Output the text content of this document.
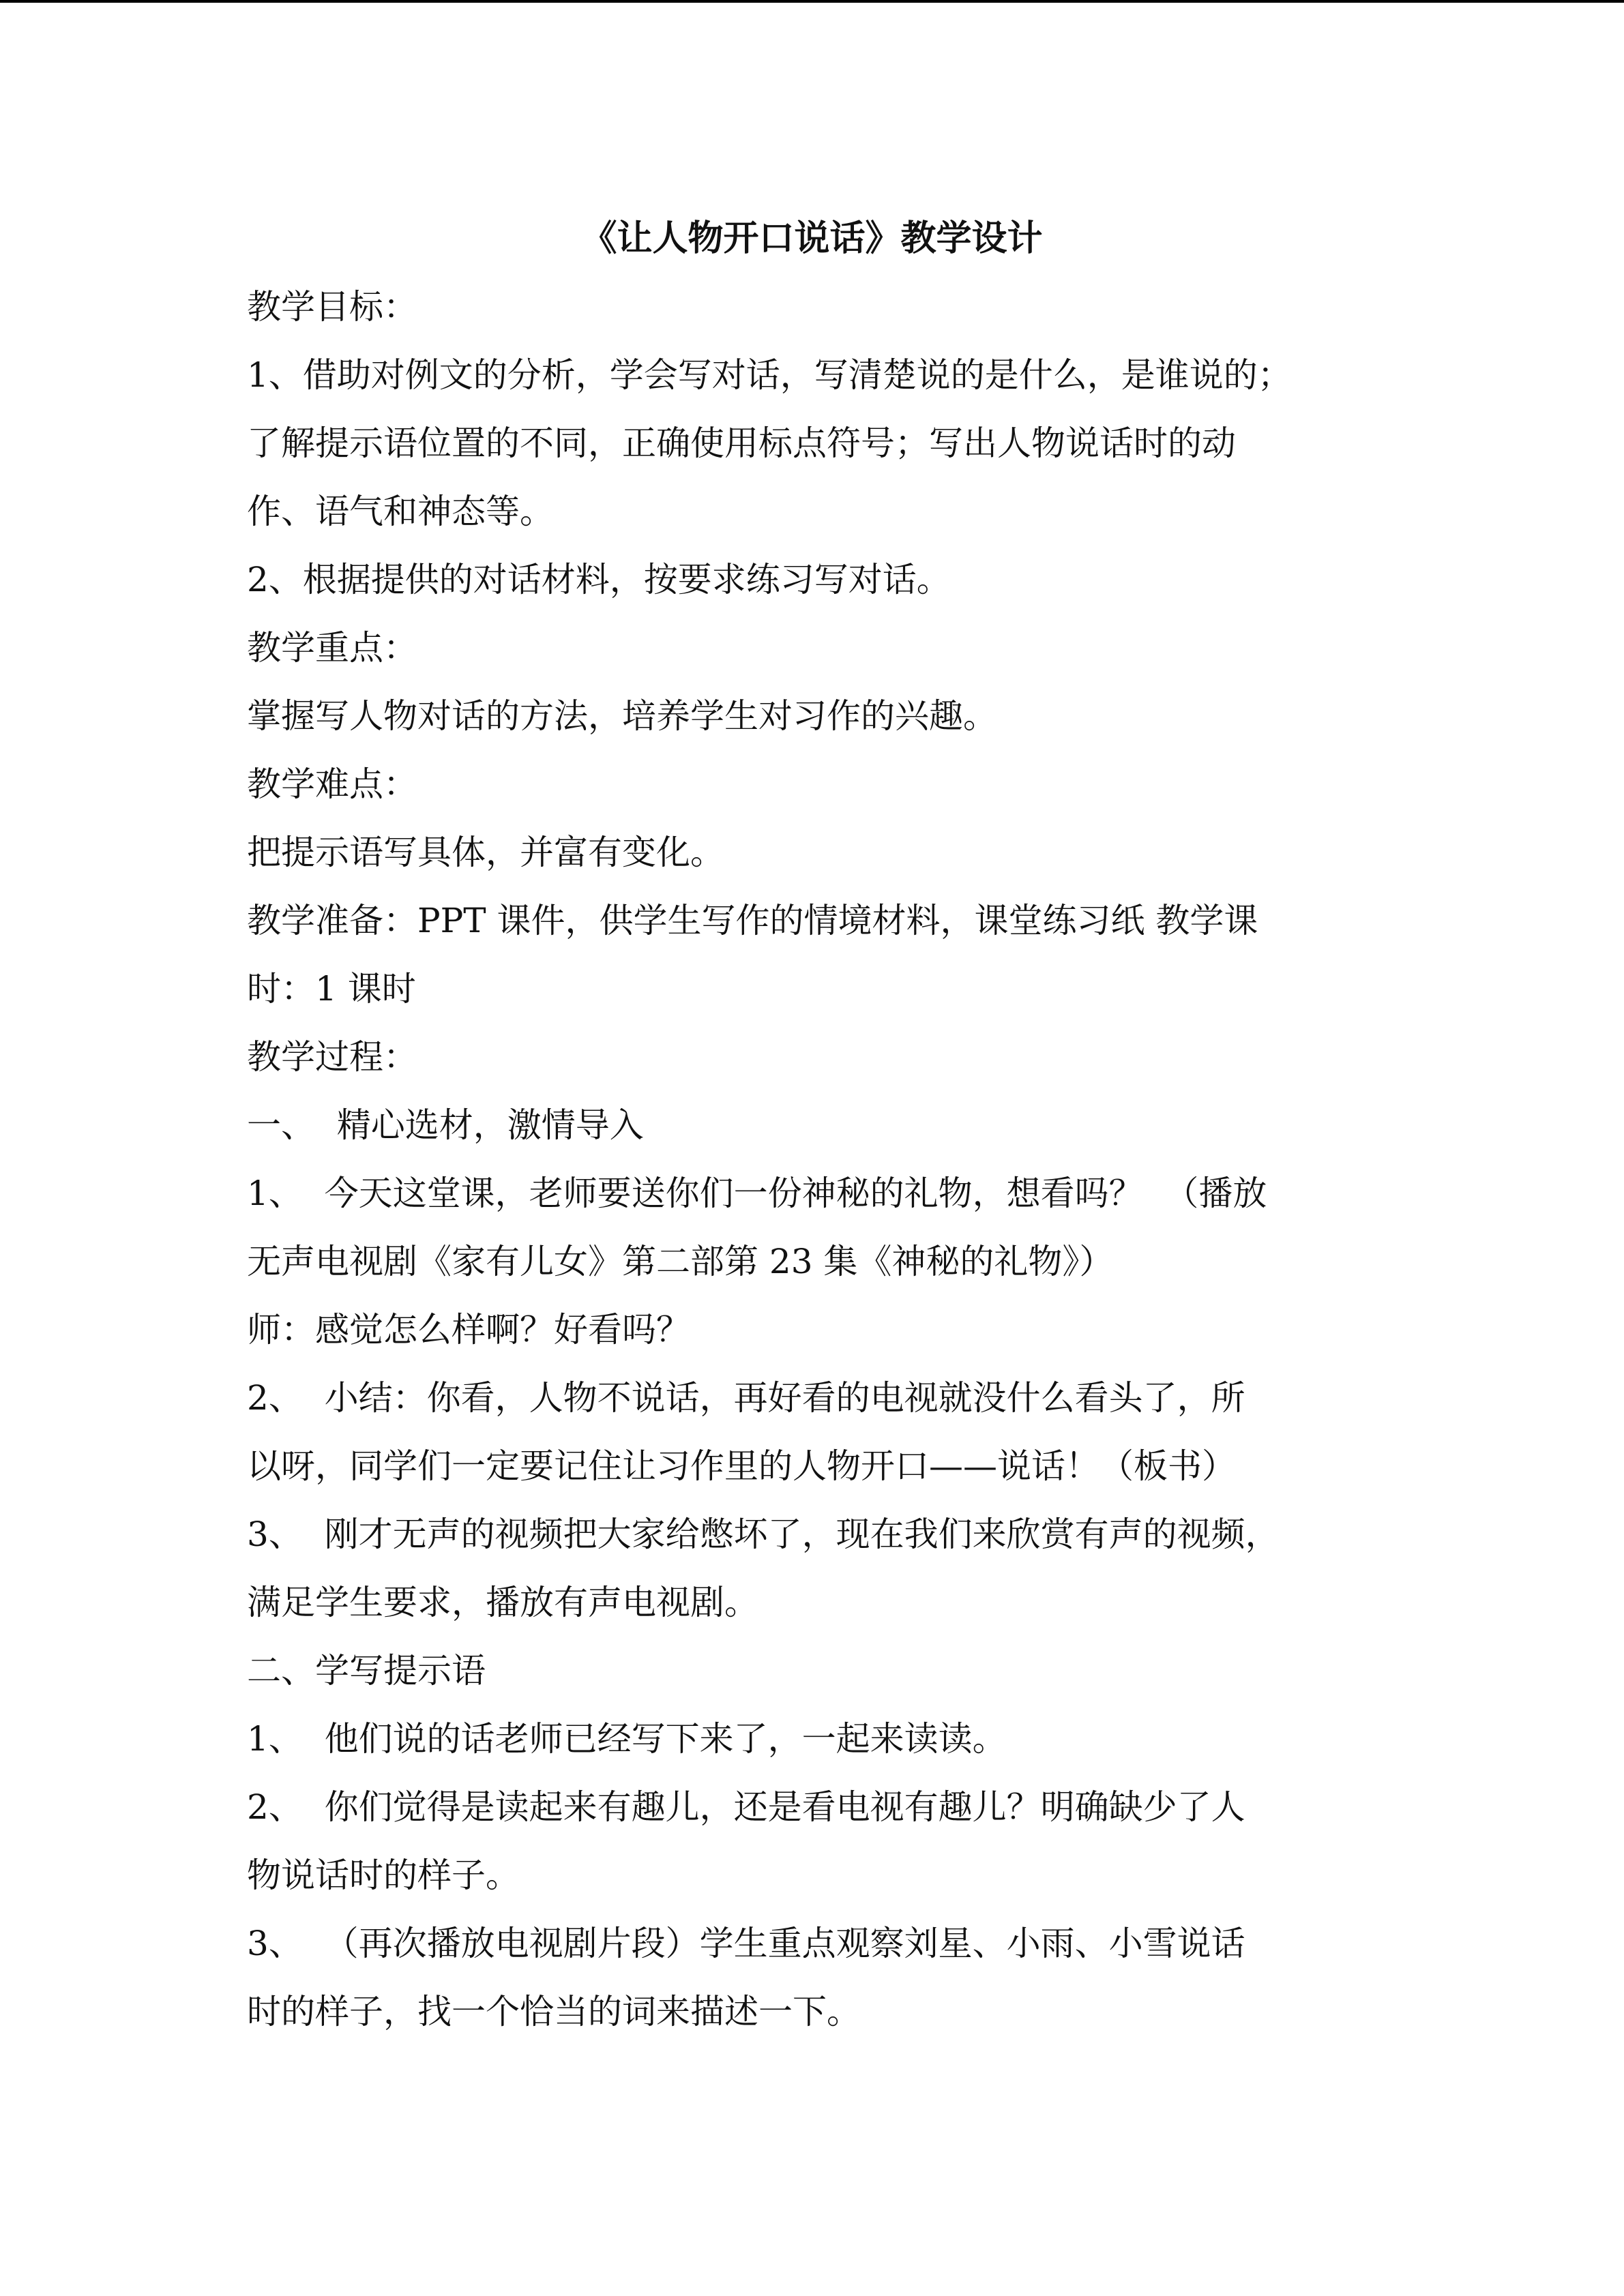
《让人物开口说话》教学设计
教学目标：
1、借助对例文的分析，学会写对话，写清楚说的是什么，是谁说的；
了解提示语位置的不同，正确使用标点符号；写出人物说话时的动
作、语气和神态等。
2、根据提供的对话材料，按要求练习写对话。
教学重点：
掌握写人物对话的方法，培养学生对习作的兴趣。
教学难点：
把提示语写具体，并富有变化。
教学准备：PPT 课件，供学生写作的情境材料，课堂练习纸 教学课
时：1 课时
教学过程：
一、  精心选材，激情导入
1、  今天这堂课，老师要送你们一份神秘的礼物，想看吗？  （播放
无声电视剧《家有儿女》第二部第 23 集《神秘的礼物》）
师：感觉怎么样啊？好看吗？
2、  小结：你看，人物不说话，再好看的电视就没什么看头了，所
以呀，同学们一定要记住让习作里的人物开口——说话！（板书）
3、  刚才无声的视频把大家给憋坏了，现在我们来欣赏有声的视频，
满足学生要求，播放有声电视剧。
二、学写提示语
1、  他们说的话老师已经写下来了，一起来读读。
2、  你们觉得是读起来有趣儿，还是看电视有趣儿？明确缺少了人
物说话时的样子。
3、  （再次播放电视剧片段）学生重点观察刘星、小雨、小雪说话
时的样子，找一个恰当的词来描述一下。
